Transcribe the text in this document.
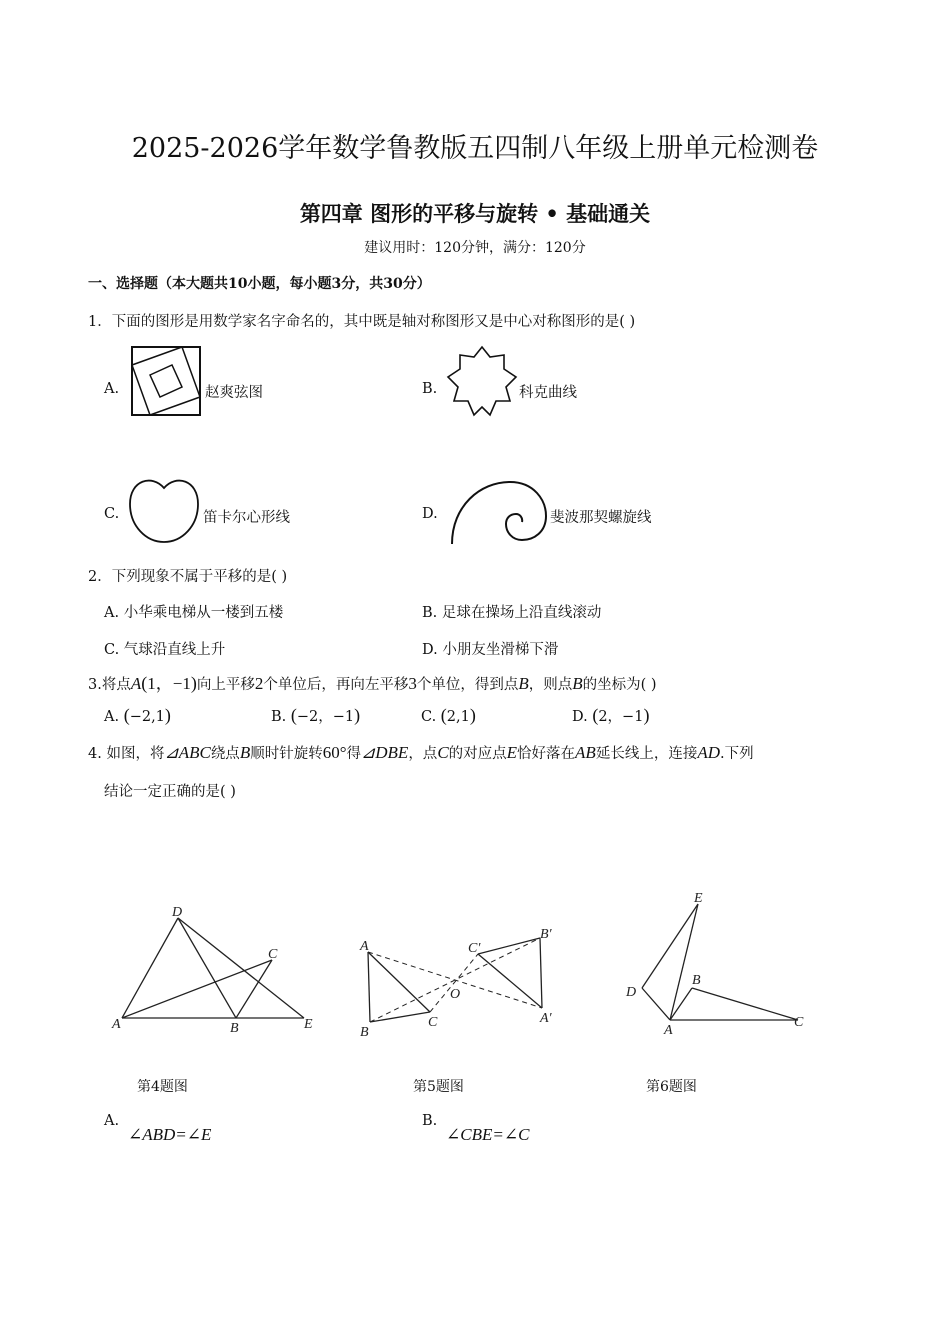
2025-2026学年数学鲁教版五四制八年级上册单元检测卷
第四章 图形的平移与旋转 • 基础通关
建议用时：120分钟，满分：120分
一、选择题（本大题共10小题，每小题3分，共30分）
1．下面的图形是用数学家名字命名的，其中既是轴对称图形又是中心对称图形的是( )
A.	赵爽弦图	B.	科克曲线
C.	笛卡尔心形线	D.	斐波那契螺旋线
2．下列现象不属于平移的是( )
A. 小华乘电梯从一楼到五楼	B. 足球在操场上沿直线滚动
C. 气球沿直线上升	D. 小朋友坐滑梯下滑
3.将点A(1，−1)向上平移2个单位后，再向左平移3个单位，得到点B，则点B的坐标为( )
A. (−2,1)	B. (−2，−1)	C. (2,1)	D. (2，−1)
4. 如图，将⊿ABC绕点B顺时针旋转60°得⊿DBE，点C的对应点E恰好落在AB延长线上，连接AD.下列
结论一定正确的是( )
D
C
A	B	E
第4题图
A	C′
B′
O
C	A′
B
第5题图
E
B
D
A
C
第6题图
A.
∠ABD=∠E
B.
∠CBE=∠C
